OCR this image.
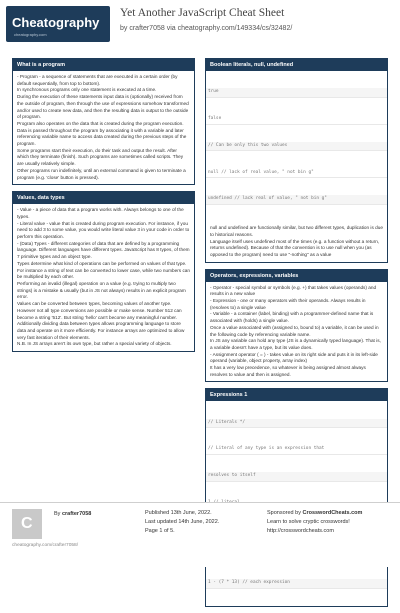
Cheatography
cheatography.com
Yet Another JavaScript Cheat Sheet
by crafter7058 via cheatography.com/149334/cs/32482/
What is a program

- Program - a sequence of statements that are executed in a certain order (by default sequentially, from top to bottom).

In synchronous programs only one statement is executed at a time.

During the execution of these statements input data is (optionally) received from the outside of program, then through the use of expressions somehow transformed and/or used to create new data, and then the resulting data is output to the outside of program.

Program also operates on the data that is created during the program execution.

Data is passed throughout the program by associating it with a variable and later referencing variable name to access data created during the previous steps of the program.

Some programs start their execution, do their task and output the result. After which they terminate (finish). Such programs are sometimes called scripts. They are usually relatively simple.

Other programs run indefinitely, until an external command is given to terminate a program (e.g. 'close' button is pressed).

Values, data types

- Value - a piece of data that a program works with. Always belongs to one of the types.

- Literal value - value that is created during program execution. For instance, if you need to add 3 to some value, you would write literal value 3 in your code in order to perform this operation.

- (Data) Types - different categories of data that are defined by a programming language. Different languages have different types. JavaScript has 8 types, of them 7 primitive types and an object type.

Types determine what kind of operations can be performed on values of that type. For instance a string of text can be converted to lower case, while two numbers can be multiplied by each other.

Performing an invalid (illegal) operation on a value (e.g. trying to multiply two strings) is a mistake & usually (but in JS not always) results in an explicit program error.

Values can be converted between types, becoming values of another type. However not all type conversions are possible or make sense. Number 512 can become a string '512'. But string 'hello' can't become any meaningful number.

Additionally dividing data between types allows programming language to store data and operate on it more efficiently. For instance arrays are optimized to allow very fast iteration of their elements.

N.B. In JS arrays aren't its own type, but rather a special variety of objects.

Boolean literals, null, undefined

true

false

// Can be only this two values

null // lack of real value, " not bin g"

undefined // lack real of value, " not bin g"

null and undefined are functionally similar, but two different types, duplication is due to historical reasons.

Language itself uses undefined most of the times (e.g. a function without a return, returns undefined). Because of that the convention is to use null when you (as opposed to the program) need to use "-nothing" as a value

Operators, expressions, variables

- Operator - special symbol or symbols (e.g. +) that takes values (operands) and results in a new value

- Expression - one or many operators with their operands. Always results in (resolves to) a single value

- Variable - a container (label, binding) with a programmer-defined name that is associated with (holds) a single value.

Once a value associated with (assigned to, bound to) a variable, it can be used in the following code by referencing variable name.

In JS any variable can hold any type (JS is a dynamically typed language). That is, a variable doesn't have a type, but its value does.

- Assignment operator ( = ) - takes value on its right side and puts it in its left-side operand (variable, object property, array index)

It has a very low precedence, so whatever is being assigned almost always resolves to value and then is assigned.

Expressions 1

// Literals */

// Literal of any type is an expression that

resolves to itself

1 - (7 * 13) // each expression

C
By crafter7058
cheatography.com/crafter7058/
Published 13th June, 2022.
Last updated 14th June, 2022.
Page 1 of 5.
Sponsored by CrosswordCheats.com
Learn to solve cryptic crosswords!
http://crosswordcheats.com
